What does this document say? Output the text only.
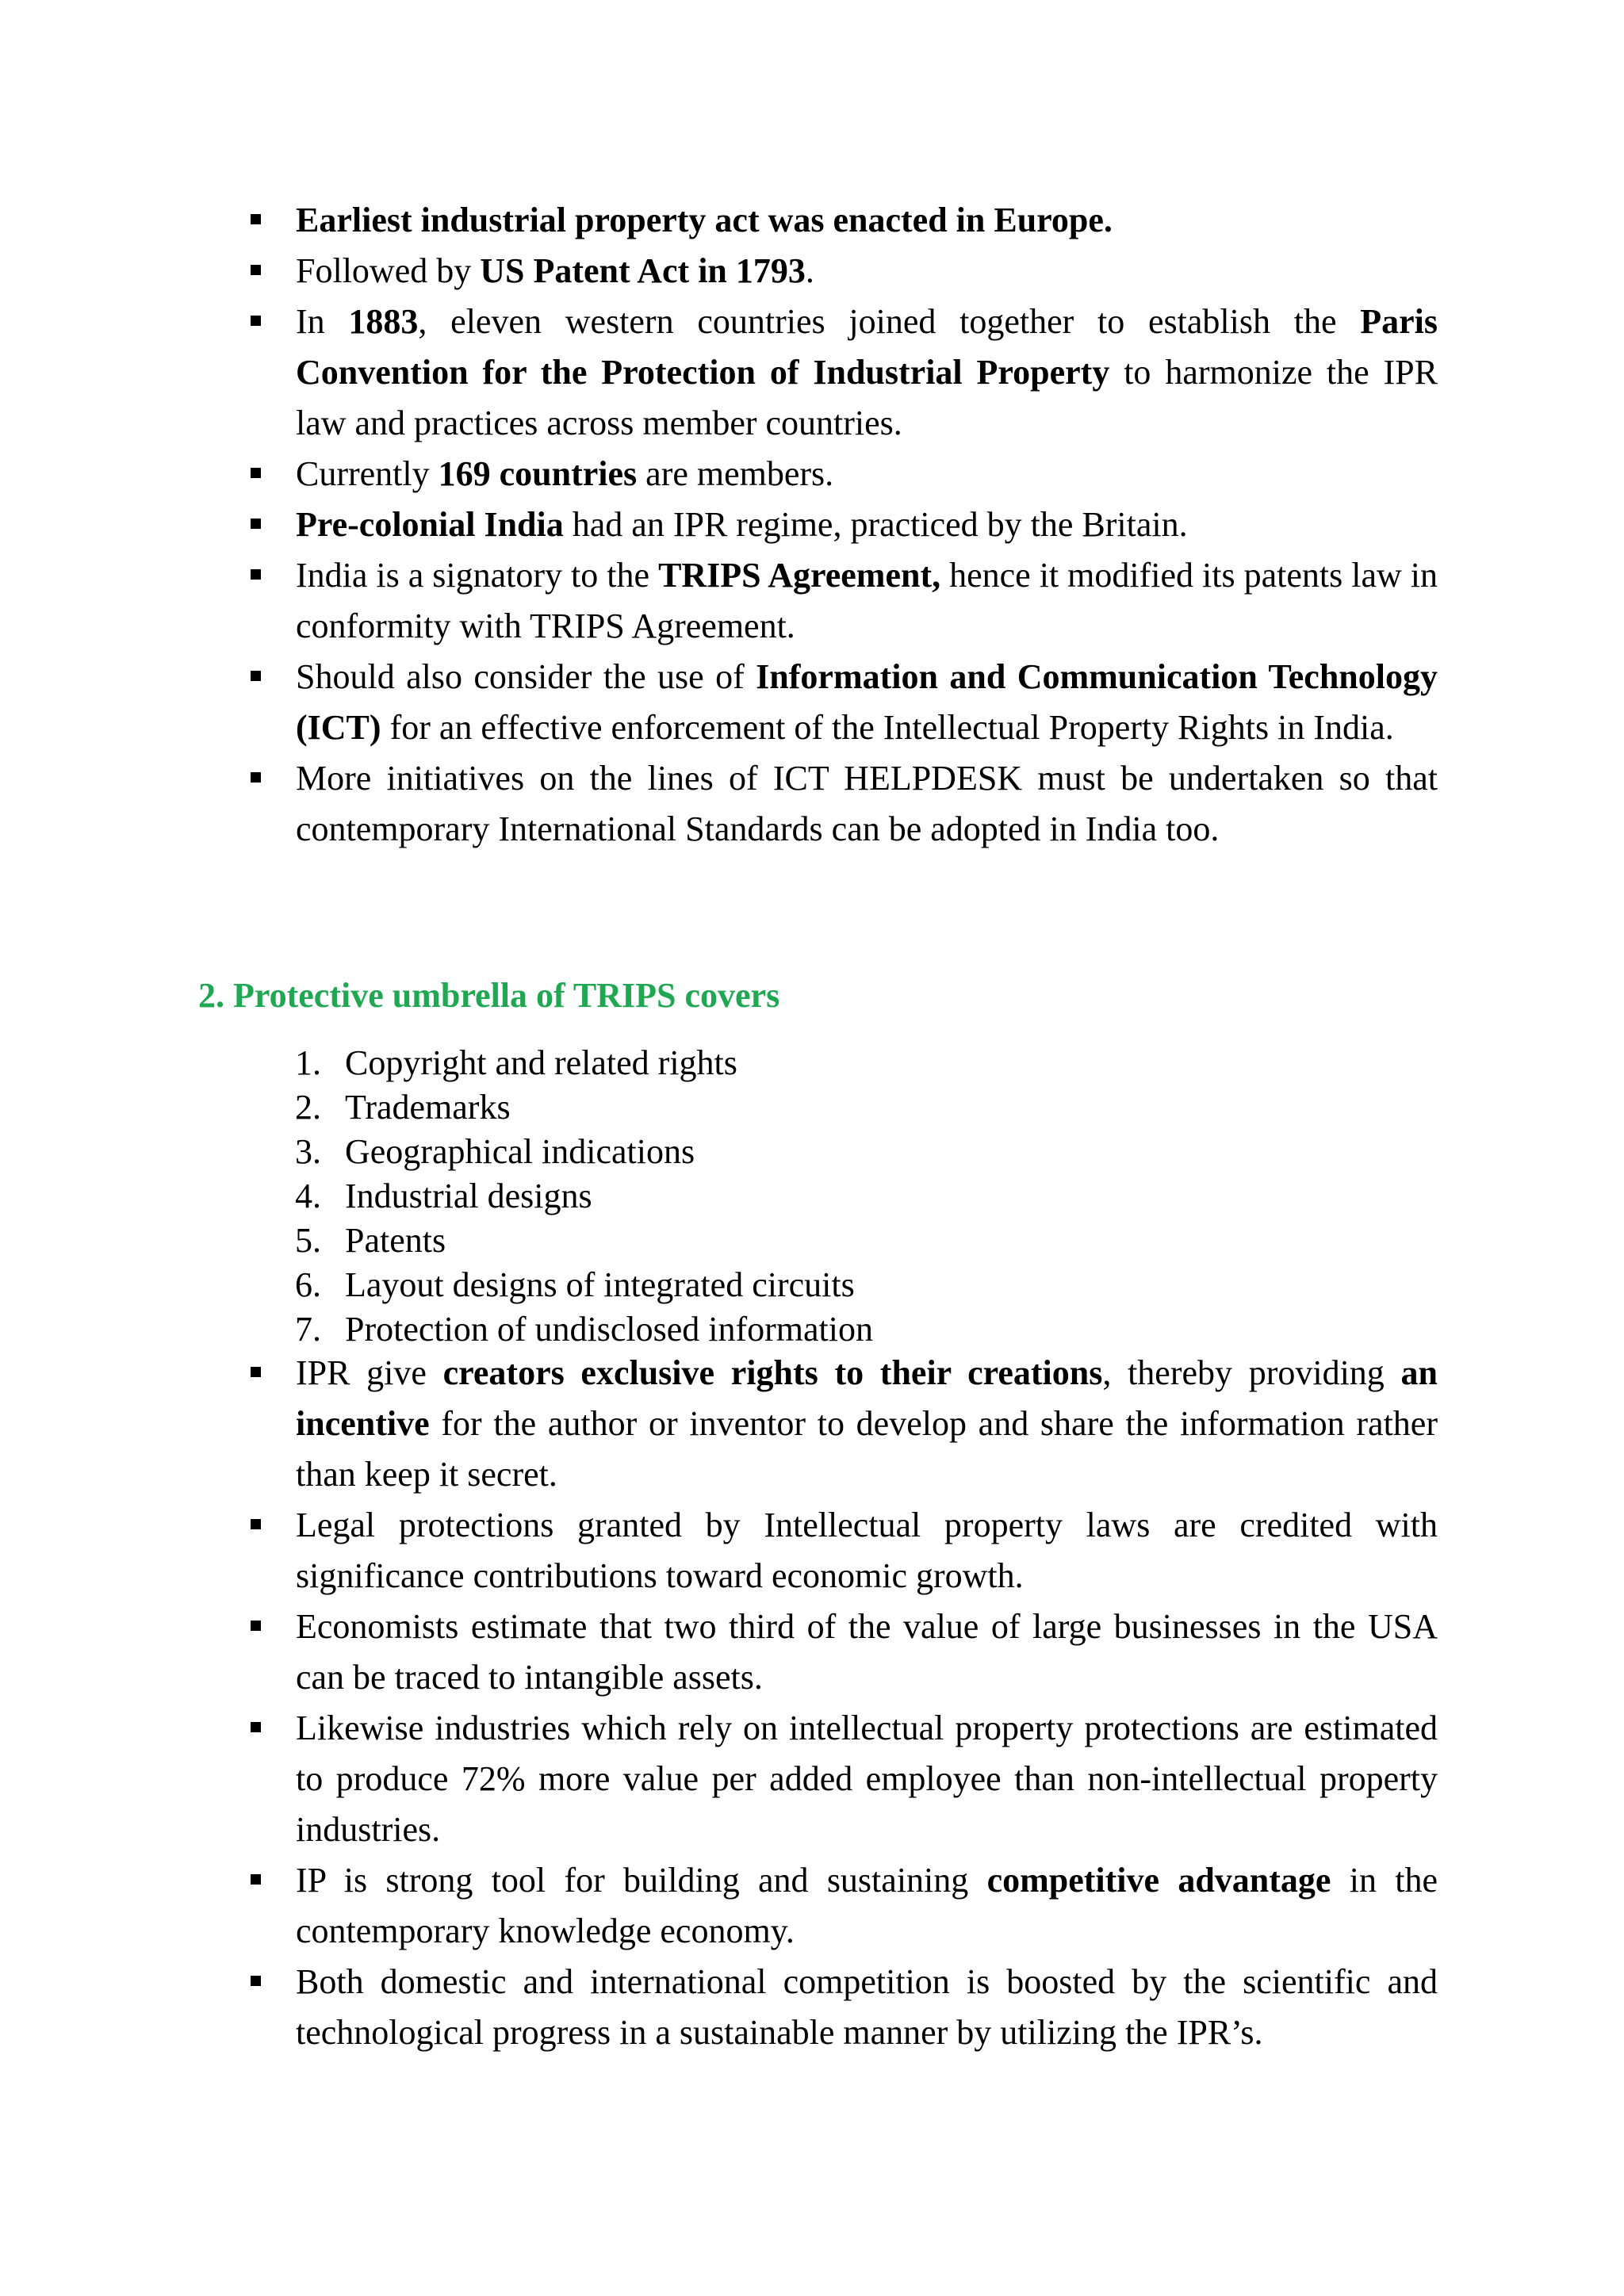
Earliest industrial property act was enacted in Europe.
Followed by US Patent Act in 1793.
In 1883, eleven western countries joined together to establish the Paris Convention for the Protection of Industrial Property to harmonize the IPR law and practices across member countries.
Currently 169 countries are members.
Pre-colonial India had an IPR regime, practiced by the Britain.
India is a signatory to the TRIPS Agreement, hence it modified its patents law in conformity with TRIPS Agreement.
Should also consider the use of Information and Communication Technology (ICT) for an effective enforcement of the Intellectual Property Rights in India.
More initiatives on the lines of ICT HELPDESK must be undertaken so that contemporary International Standards can be adopted in India too.
2. Protective umbrella of TRIPS covers
1. Copyright and related rights
2. Trademarks
3. Geographical indications
4. Industrial designs
5. Patents
6. Layout designs of integrated circuits
7. Protection of undisclosed information
IPR give creators exclusive rights to their creations, thereby providing an incentive for the author or inventor to develop and share the information rather than keep it secret.
Legal protections granted by Intellectual property laws are credited with significance contributions toward economic growth.
Economists estimate that two third of the value of large businesses in the USA can be traced to intangible assets.
Likewise industries which rely on intellectual property protections are estimated to produce 72% more value per added employee than non-intellectual property industries.
IP is strong tool for building and sustaining competitive advantage in the contemporary knowledge economy.
Both domestic and international competition is boosted by the scientific and technological progress in a sustainable manner by utilizing the IPR’s.
